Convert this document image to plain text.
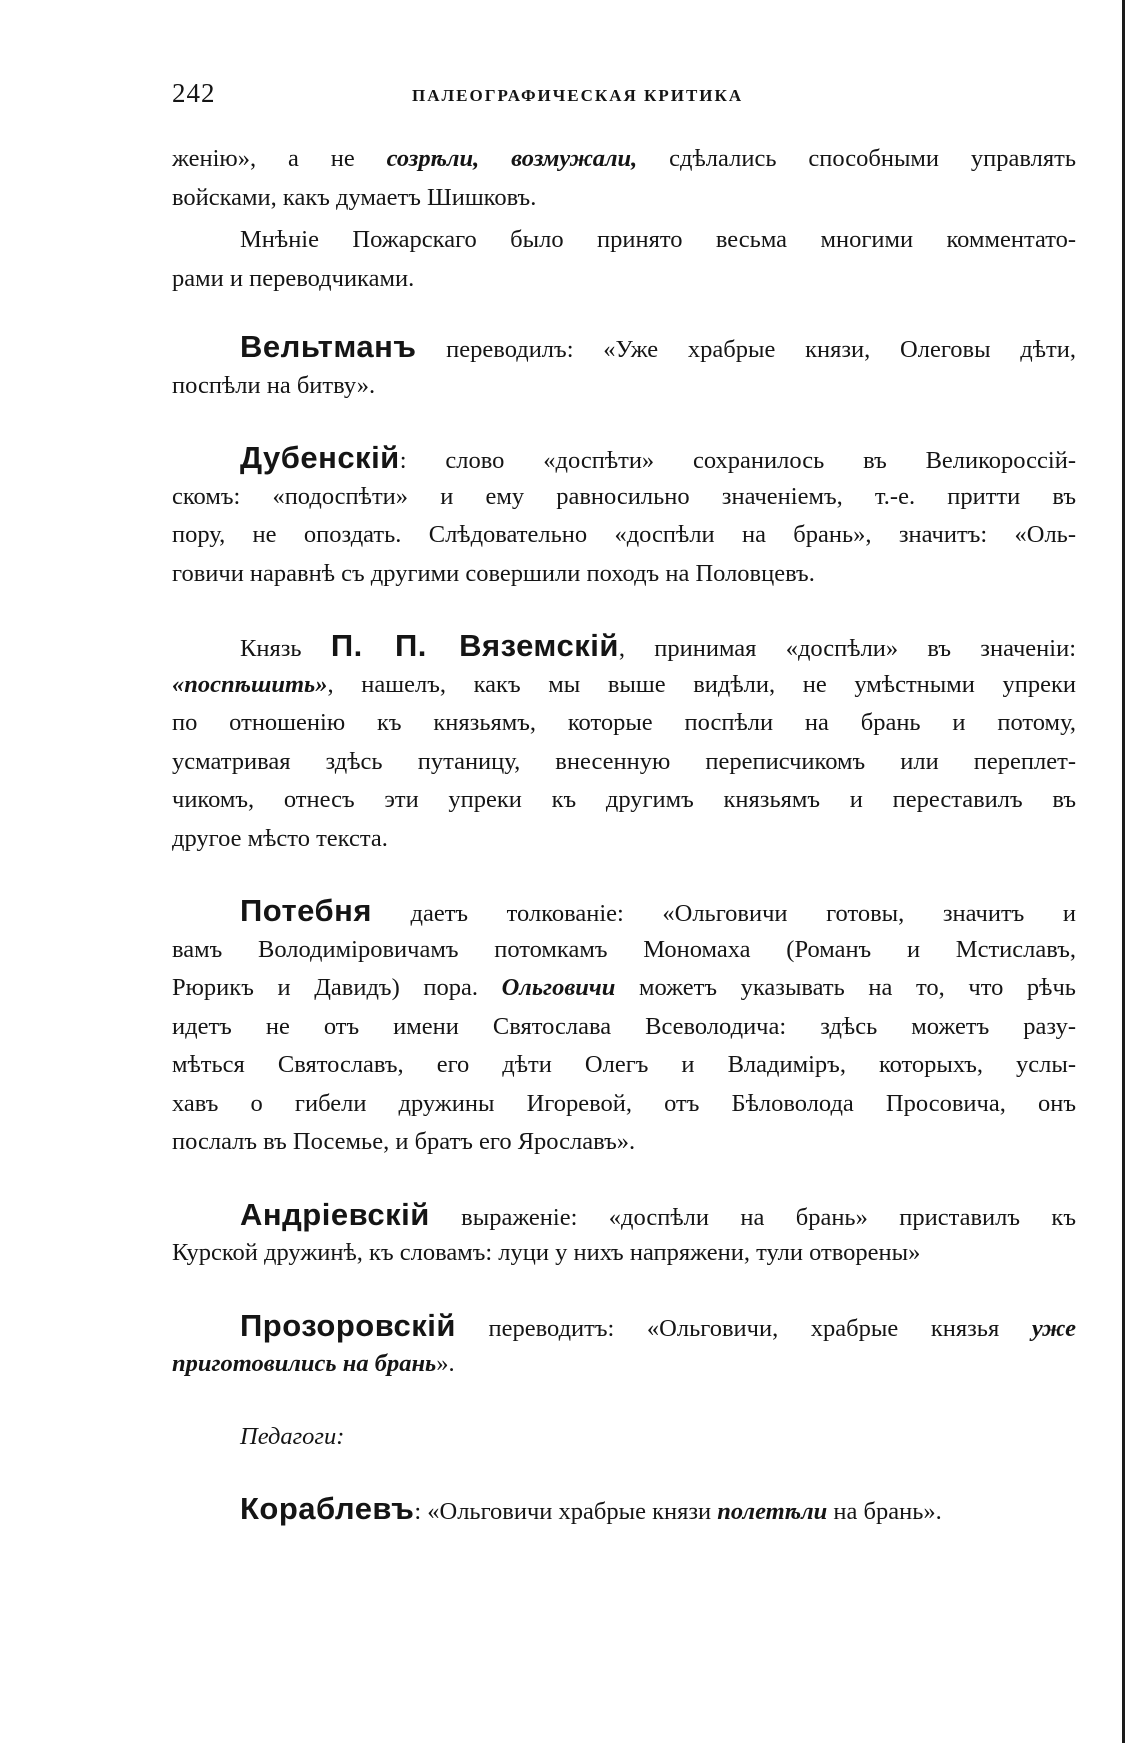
242	ПАЛЕОГРАФИЧЕСКАЯ КРИТИКА
женію», а не созрѣли, возмужали, сдѣлались способными управлять
войсками, какъ думаетъ Шишковъ.
Мнѣніе Пожарскаго было принято весьма многими комментато-
рами и переводчиками.
Вельтманъ переводилъ: «Уже храбрые князи, Олеговы дѣти,
поспѣли на битву».
Дубенскій: слово «доспѣти» сохранилось въ Великороссій-
скомъ: «подоспѣти» и ему равносильно значеніемъ, т.-е. притти въ
пору, не опоздать. Слѣдовательно «доспѣли на брань», значитъ: «Оль-
говичи наравнѣ съ другими совершили походъ на Половцевъ.
Князь П. П. Вяземскій, принимая «доспѣли» въ значеніи:
«поспѣшить», нашелъ, какъ мы выше видѣли, не умѣстными упреки
по отношенію къ князьямъ, которые поспѣли на брань и потому,
усматривая здѣсь путаницу, внесенную переписчикомъ или переплет-
чикомъ, отнесъ эти упреки къ другимъ князьямъ и переставилъ въ
другое мѣсто текста.
Потебня даетъ толкованіе: «Ольговичи готовы, значитъ и
вамъ Володиміровичамъ потомкамъ Мономаха (Романъ и Мстиславъ,
Рюрикъ и Давидъ) пора. Ольговичи можетъ указывать на то, что рѣчь
идетъ не отъ имени Святослава Всеволодича: здѣсь можетъ разу-
мѣться Святославъ, его дѣти Олегъ и Владиміръ, которыхъ, услы-
хавъ о гибели дружины Игоревой, отъ Бѣловолода Просовича, онъ
послалъ въ Посемье, и братъ его Ярославъ».
Андріевскій выраженіе: «доспѣли на брань» приставилъ къ
Курской дружинѣ, къ словамъ: луци у нихъ напряжени, тули отворены»
Прозоровскій переводитъ: «Ольговичи, храбрые князья уже
приготовились на брань».
Педагоги:
Кораблевъ: «Ольговичи храбрые князи полетѣли на брань».
